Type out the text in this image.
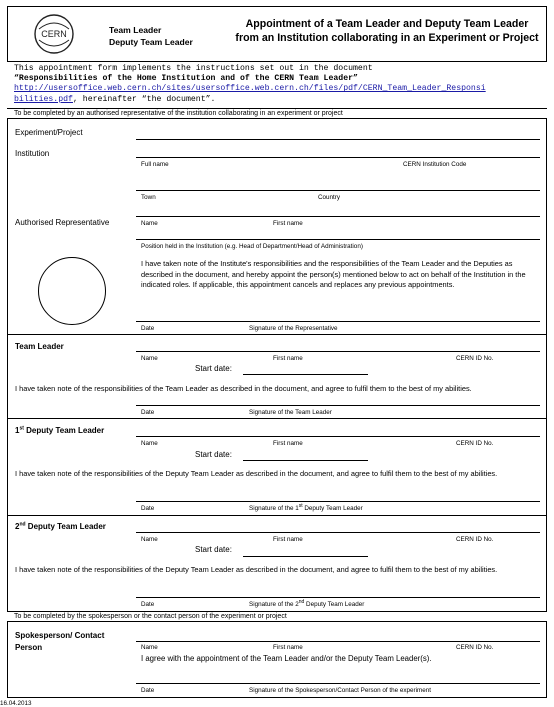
CERN	Team Leader
Deputy Team Leader
Appointment of a Team Leader and Deputy Team Leader
from an Institution collaborating in an Experiment or Project
This appointment form implements the instructions set out in the document
“Responsibilities of the Home Institution and of the CERN Team Leader”
http://usersoffice.web.cern.ch/sites/usersoffice.web.cern.ch/files/pdf/CERN_Team_Leader_Responsi
bilities.pdf, hereinafter “the document”.
To be completed by an authorised representative of the institution collaborating in an experiment or project
Experiment/Project
Institution
Full name	CERN Institution Code
Town	Country
Authorised Representative	Name	First name
Position held in the Institution (e.g. Head of Department/Head of Administration)
I have taken note of the Institute's responsibilities and the responsibilities of the Team Leader and the Deputies as described in the document, and hereby appoint the person(s) mentioned below to act on behalf of the Institution in the indicated roles. If applicable, this appointment cancels and replaces any previous appointments.
Date	Signature of the Representative
Team Leader
Name	First name	CERN ID No.
Start date:
I have taken note of the responsibilities of the Team Leader as described in the document, and agree to fulfil them to the best of my abilities.
Date	Signature of the Team Leader
1st Deputy Team Leader
Name	First name	CERN ID No.
Start date:
I have taken note of the responsibilities of the Deputy Team Leader as described in the document, and agree to fulfil them to the best of my abilities.
Date	Signature of the 1st Deputy Team Leader
2nd Deputy Team Leader
Name	First name	CERN ID No.
Start date:
I have taken note of the responsibilities of the Deputy Team Leader as described in the document, and agree to fulfil them to the best of my abilities.
Date	Signature of the 2nd Deputy Team Leader
To be completed by the spokesperson or the contact person of the experiment or project
Spokesperson/ Contact
Person	Name	First name	CERN ID No.
I agree with the appointment of the Team Leader and/or the Deputy Team Leader(s).
Date	Signature of the Spokesperson/Contact Person of the experiment
16.04.2013
